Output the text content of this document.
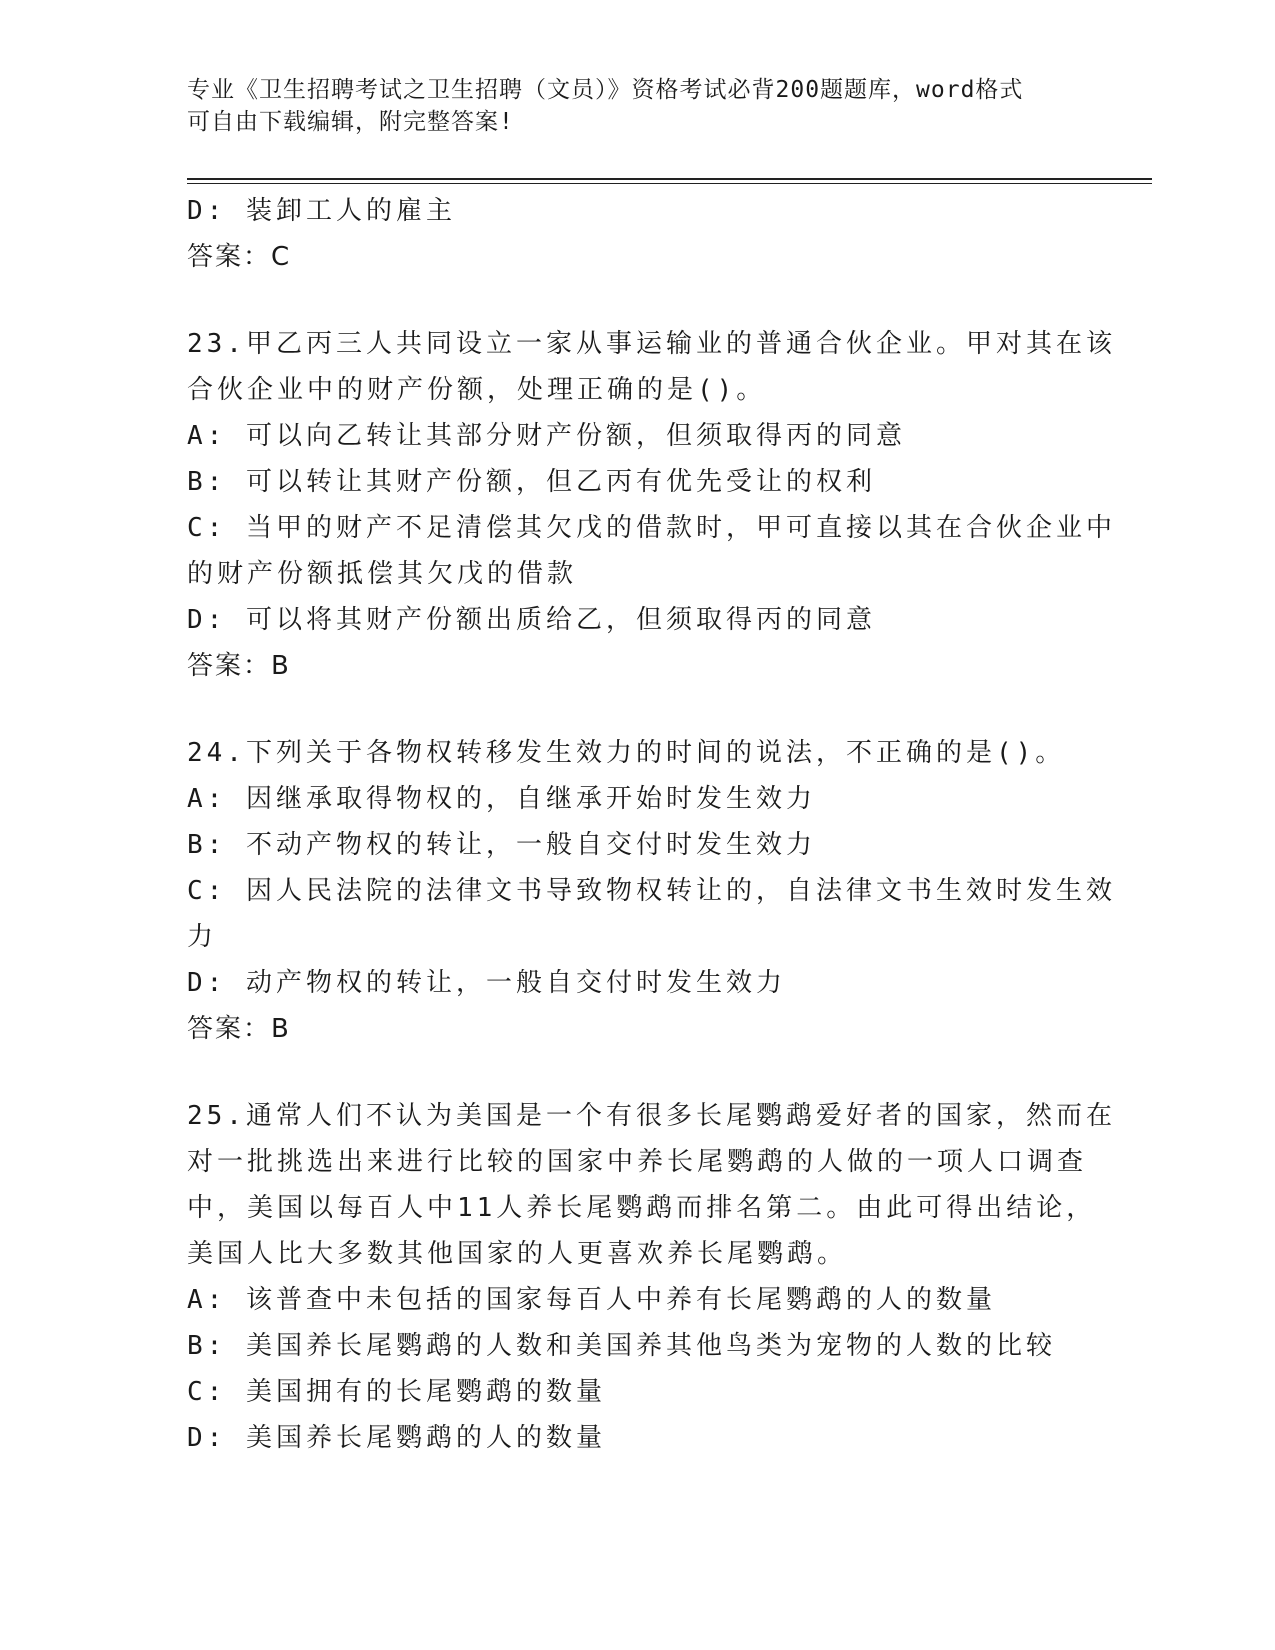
专业《卫生招聘考试之卫生招聘（文员）》资格考试必背200题题库，word格式
可自由下载编辑，附完整答案!
D: 装卸工人的雇主
答案：C
23.甲乙丙三人共同设立一家从事运输业的普通合伙企业。甲对其在该
合伙企业中的财产份额，处理正确的是()。
A: 可以向乙转让其部分财产份额，但须取得丙的同意
B: 可以转让其财产份额，但乙丙有优先受让的权利
C: 当甲的财产不足清偿其欠戊的借款时，甲可直接以其在合伙企业中
的财产份额抵偿其欠戊的借款
D: 可以将其财产份额出质给乙，但须取得丙的同意
答案：B
24.下列关于各物权转移发生效力的时间的说法，不正确的是()。
A: 因继承取得物权的，自继承开始时发生效力
B: 不动产物权的转让，一般自交付时发生效力
C: 因人民法院的法律文书导致物权转让的，自法律文书生效时发生效
力
D: 动产物权的转让，一般自交付时发生效力
答案：B
25.通常人们不认为美国是一个有很多长尾鹦鹉爱好者的国家，然而在
对一批挑选出来进行比较的国家中养长尾鹦鹉的人做的一项人口调查
中，美国以每百人中11人养长尾鹦鹉而排名第二。由此可得出结论，
美国人比大多数其他国家的人更喜欢养长尾鹦鹉。
A: 该普查中未包括的国家每百人中养有长尾鹦鹉的人的数量
B: 美国养长尾鹦鹉的人数和美国养其他鸟类为宠物的人数的比较
C: 美国拥有的长尾鹦鹉的数量
D: 美国养长尾鹦鹉的人的数量
